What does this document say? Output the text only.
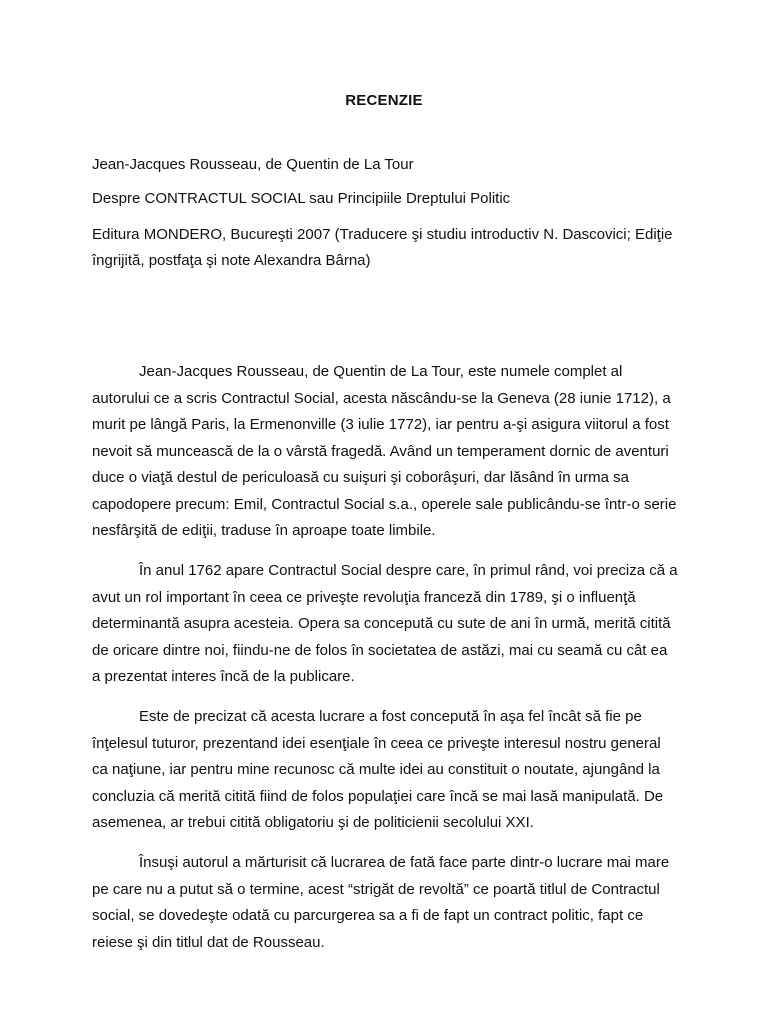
RECENZIE

Jean-Jacques Rousseau, de Quentin de La Tour

Despre CONTRACTUL SOCIAL sau Principiile Dreptului Politic

Editura MONDERO, Bucureşti 2007 (Traducere şi studiu introductiv N. Dascovici; Ediţie îngrijită, postfaţa şi note Alexandra Bârna)

Jean-Jacques Rousseau, de Quentin de La Tour, este numele complet al autorului ce a scris Contractul Social, acesta născându-se la Geneva (28 iunie 1712), a murit pe lângă Paris, la Ermenonville (3 iulie 1772), iar pentru a-şi asigura viitorul a fost nevoit să muncească de la o vârstă fragedă. Având un temperament dornic de aventuri duce o viaţă destul de periculoasă cu suişuri şi coborâşuri, dar lăsând în urma sa capodopere precum: Emil, Contractul Social s.a., operele sale publicându-se într-o serie nesfârşită de ediţii, traduse în aproape toate limbile.

În anul 1762 apare Contractul Social despre care, în primul rând, voi preciza că a avut un rol important în ceea ce priveşte revoluţia franceză din 1789, şi o influenţă determinantă asupra acesteia. Opera sa concepută cu sute de ani în urmă, merită citită de oricare dintre noi, fiindu-ne de folos în societatea de astăzi, mai cu seamă cu cât ea a prezentat interes încă de la publicare.

Este de precizat că acesta lucrare a fost concepută în aşa fel încât să fie pe înţelesul tuturor, prezentand idei esenţiale în ceea ce priveşte interesul nostru general ca naţiune, iar pentru mine recunosc că multe idei au constituit o noutate, ajungând la concluzia că merită citită fiind de folos populaţiei care încă se mai lasă manipulată. De asemenea, ar trebui citită obligatoriu şi de politicienii secolului XXI.

Însuşi autorul a mărturisit că lucrarea de fată face parte dintr-o lucrare mai mare pe care nu a putut să o termine, acest “strigăt de revoltă” ce poartă titlul de Contractul social, se dovedeşte odată cu parcurgerea sa a fi de fapt un contract politic, fapt ce reiese şi din titlul dat de Rousseau.
